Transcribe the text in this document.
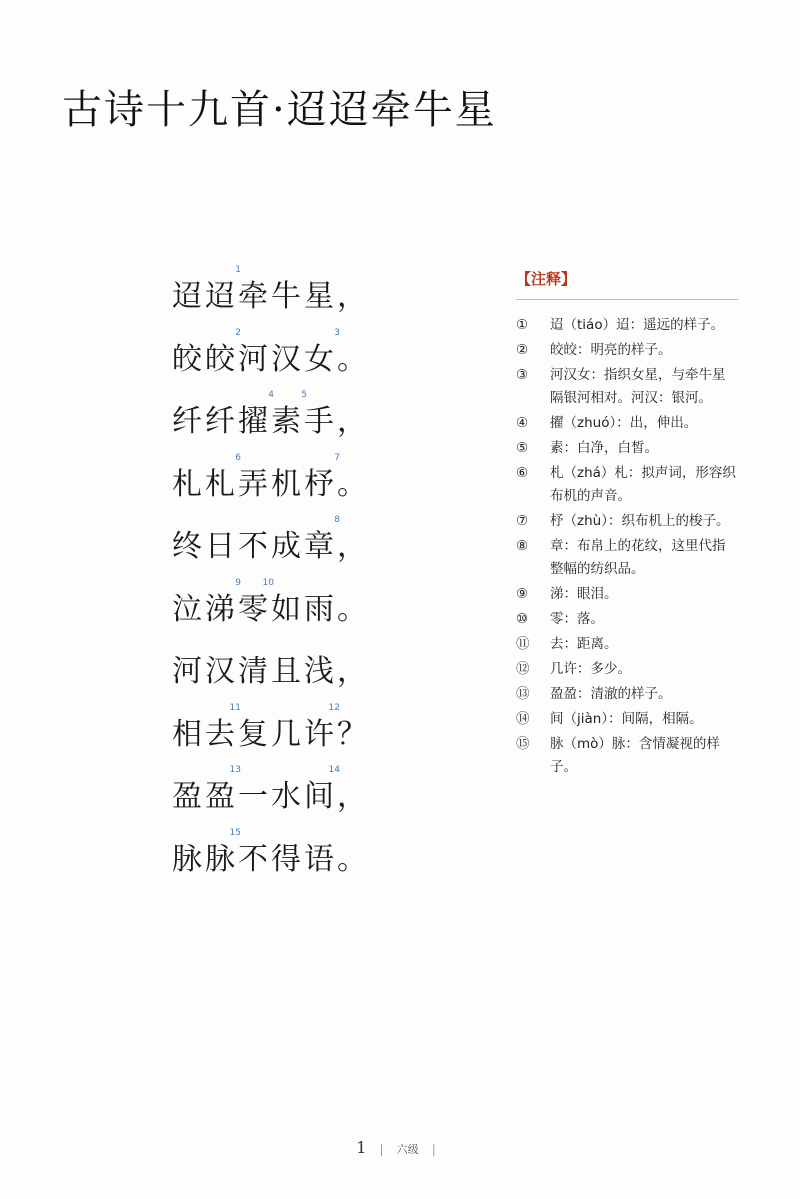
古诗十九首·迢迢牵牛星
迢 迢
1
牵 牛 星 ，
皎 皎
2
河 汉 女
3
。
纤 纤 擢
4
素
5
手 ，
札 札
6
弄 机 杼
7
。
终 日 不 成 章
8
，
泣 涕
9
零
10
如 雨 。
河 汉 清 且 浅 ，
相 去
11
复 几 许
12
？
盈 盈
13
一 水 间
14
，
脉 脉
15
不 得 语 。
【注释】
①	迢（tiáo）迢：遥远的样子。
②	皎皎：明亮的样子。
③	河汉女：指织女星，与牵牛星隔银河相对。河汉：银河。
④	擢（zhuó）：出，伸出。
⑤	素：白净，白皙。
⑥	札（zhá）札：拟声词，形容织布机的声音。
⑦	杼（zhù）：织布机上的梭子。
⑧	章：布帛上的花纹，这里代指整幅的纺织品。
⑨	涕：眼泪。
⑩	零：落。
⑪	去：距离。
⑫	几许：多少。
⑬	盈盈：清澈的样子。
⑭	间（jiàn）：间隔，相隔。
⑮	脉（mò）脉：含情凝视的样子。
1 | 六级 |
